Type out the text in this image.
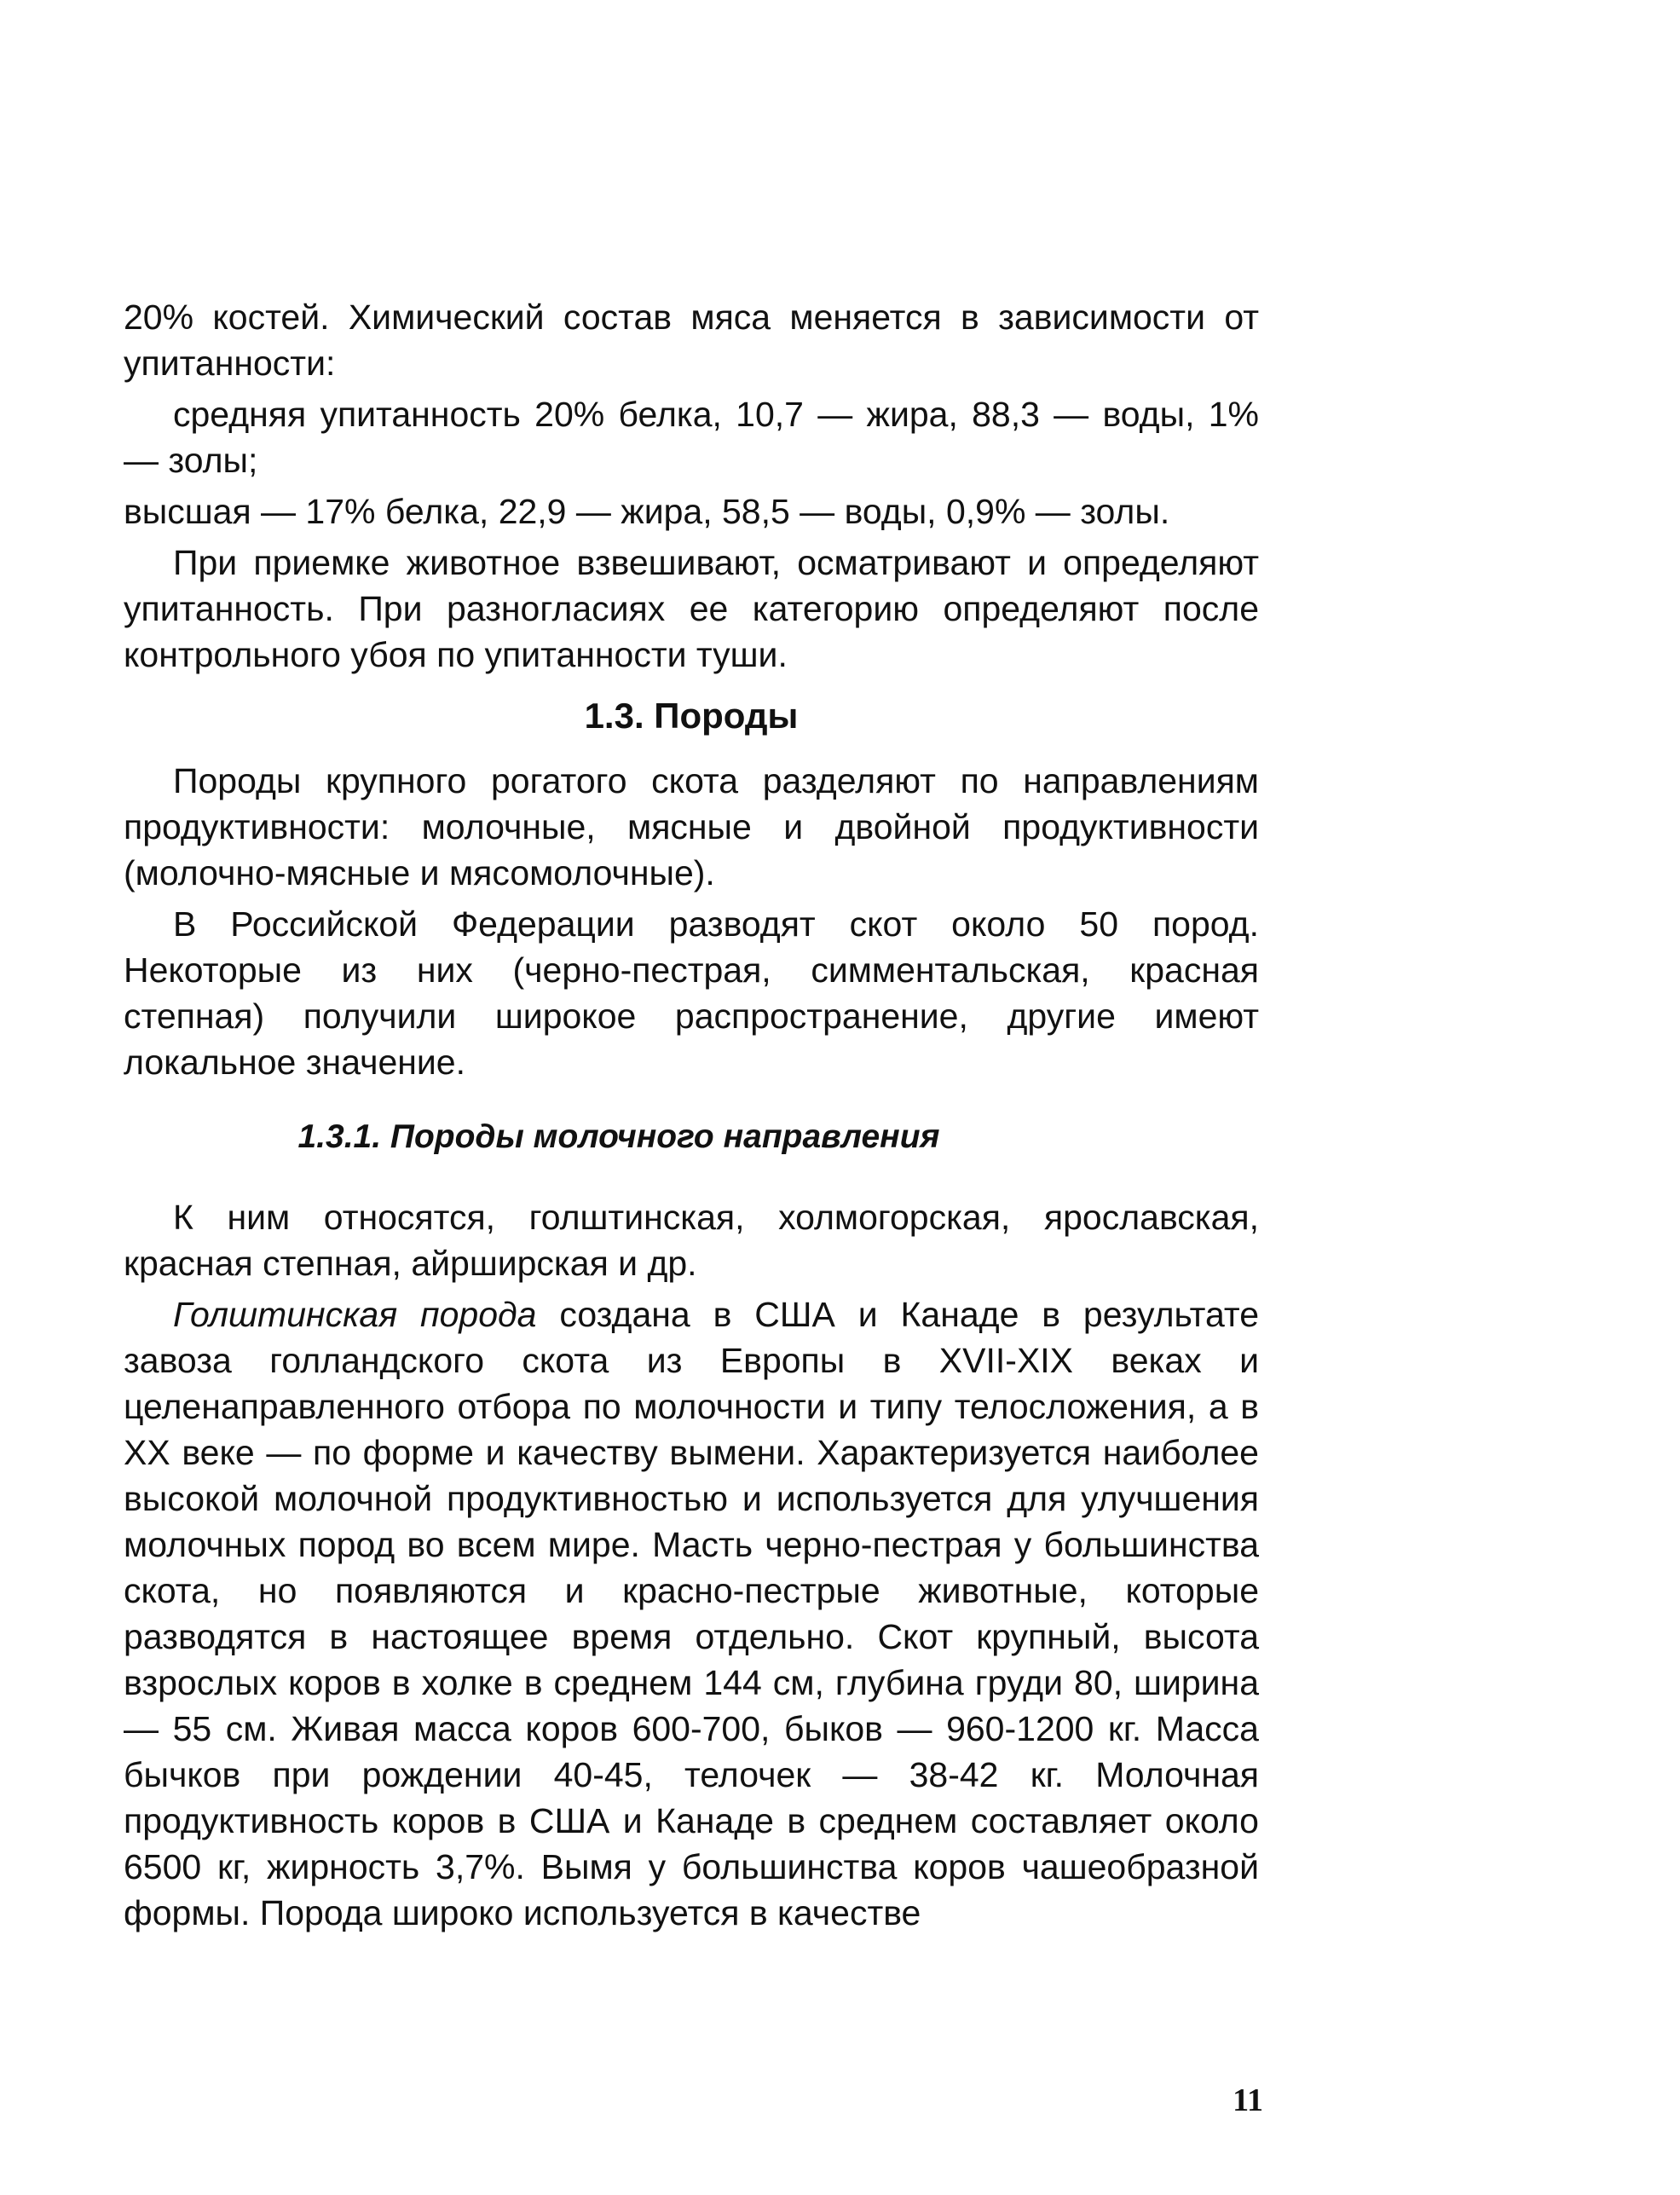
20% костей. Химический состав мяса меняется в зависимости от упитанности:

средняя упитанность 20% белка, 10,7 — жира, 88,3 — воды, 1% — золы;

высшая — 17% белка, 22,9 — жира, 58,5 — воды, 0,9% — золы.

При приемке животное взвешивают, осматривают и определяют упитанность. При разногласиях ее категорию определяют после контрольного убоя по упитанности туши.

1.3. Породы

Породы крупного рогатого скота разделяют по направлениям продуктивности: молочные, мясные и двойной продуктивности (молочно-мясные и мясомолочные).

В Российской Федерации разводят скот около 50 пород. Некоторые из них (черно-пестрая, симментальская, красная степная) получили широкое распространение, другие имеют локальное значение.

1.3.1. Породы молочного направления

К ним относятся, голштинская, холмогорская, ярославская, красная степная, айрширская и др.

Голштинская порода создана в США и Канаде в результате завоза голландского скота из Европы в XVII-XIX веках и целенаправленного отбора по молочности и типу телосложения, а в XX веке — по форме и качеству вымени. Характеризуется наиболее высокой молочной продуктивностью и используется для улучшения молочных пород во всем мире. Масть черно-пестрая у большинства скота, но появляются и красно-пестрые животные, которые разводятся в настоящее время отдельно. Скот крупный, высота взрослых коров в холке в среднем 144 см, глубина груди 80, ширина — 55 см. Живая масса коров 600-700, быков — 960-1200 кг. Масса бычков при рождении 40-45, телочек — 38-42 кг. Молочная продуктивность коров в США и Канаде в среднем составляет около 6500 кг, жирность 3,7%. Вымя у большинства коров чашеобразной формы. Порода широко используется в качестве

11
